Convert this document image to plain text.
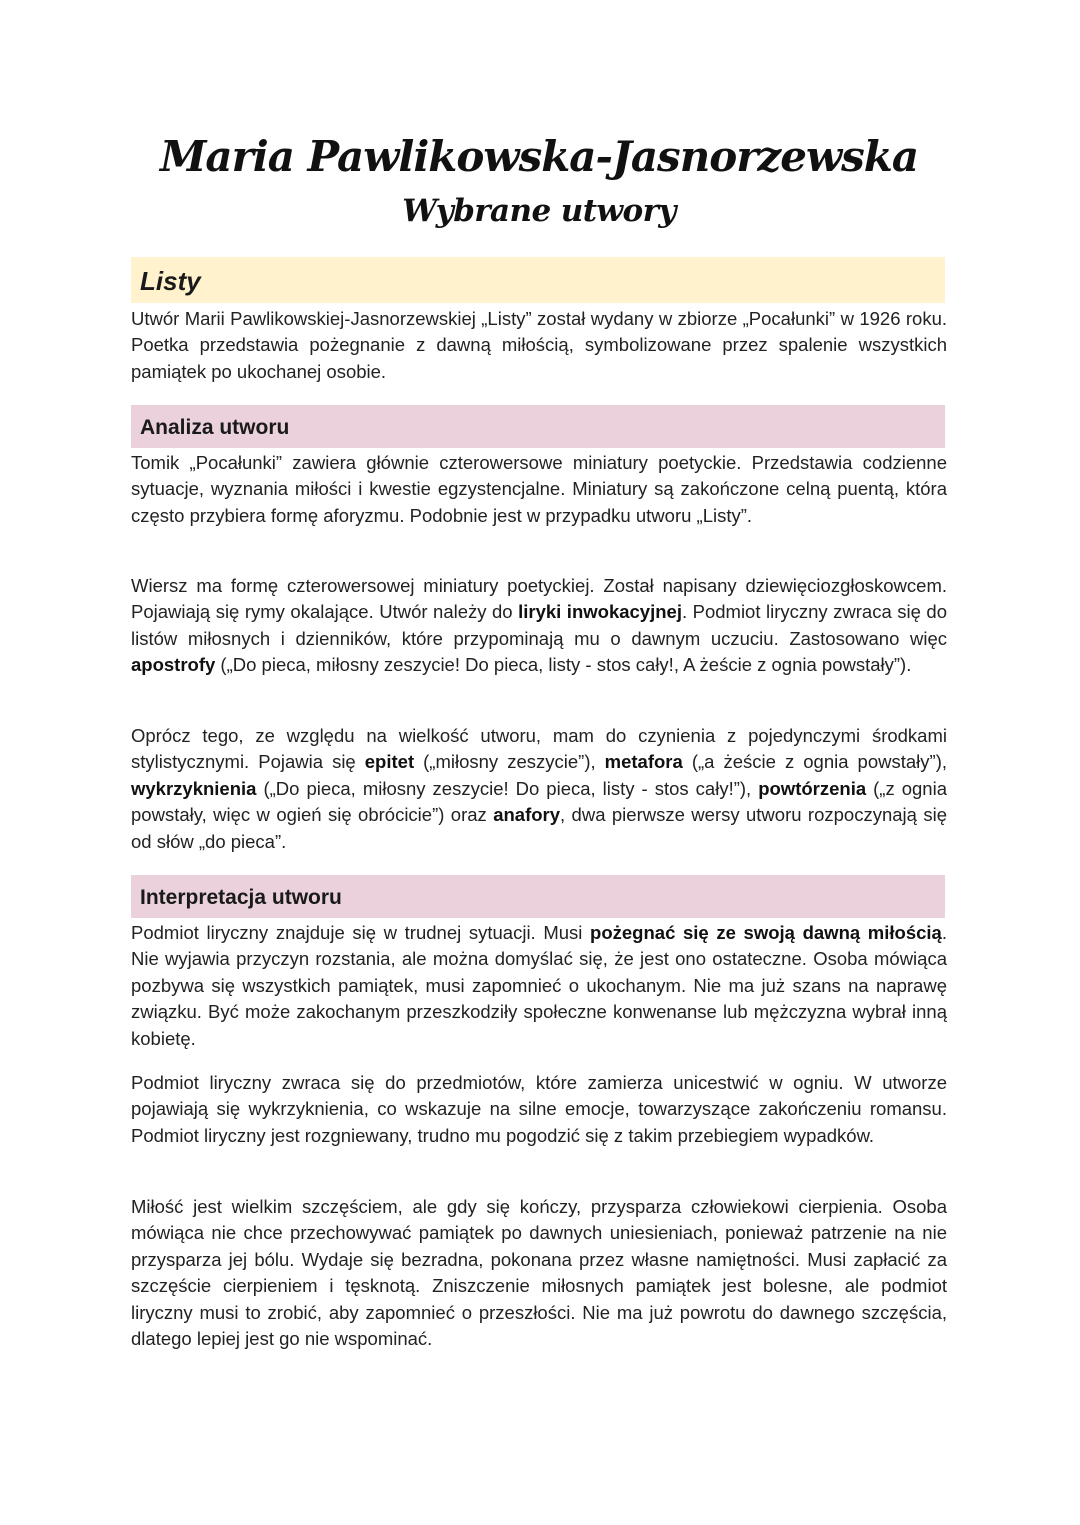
Maria Pawlikowska-Jasnorzewska
Wybrane utwory
Listy

Utwór Marii Pawlikowskiej-Jasnorzewskiej „Listy” został wydany w zbiorze „Pocałunki” w 1926 roku. Poetka przedstawia pożegnanie z dawną miłością, symbolizowane przez spalenie wszystkich pamiątek po ukochanej osobie.

Analiza utworu

Tomik „Pocałunki” zawiera głównie czterowersowe miniatury poetyckie. Przedstawia codzienne sytuacje, wyznania miłości i kwestie egzystencjalne. Miniatury są zakończone celną puentą, która często przybiera formę aforyzmu. Podobnie jest w przypadku utworu „Listy”.

Wiersz ma formę czterowersowej miniatury poetyckiej. Został napisany dziewięciozgłoskowcem. Pojawiają się rymy okalające. Utwór należy do liryki inwokacyjnej. Podmiot liryczny zwraca się do listów miłosnych i dzienników, które przypominają mu o dawnym uczuciu. Zastosowano więc apostrofy („Do pieca, miłosny zeszycie! Do pieca, listy - stos cały!, A żeście z ognia powstały”).

Oprócz tego, ze względu na wielkość utworu, mam do czynienia z pojedynczymi środkami stylistycznymi. Pojawia się epitet („miłosny zeszycie”), metafora („a żeście z ognia powstały”), wykrzyknienia („Do pieca, miłosny zeszycie! Do pieca, listy - stos cały!”), powtórzenia („z ognia powstały, więc w ogień się obrócicie”) oraz anafory, dwa pierwsze wersy utworu rozpoczynają się od słów „do pieca”.

Interpretacja utworu

Podmiot liryczny znajduje się w trudnej sytuacji. Musi pożegnać się ze swoją dawną miłością. Nie wyjawia przyczyn rozstania, ale można domyślać się, że jest ono ostateczne. Osoba mówiąca pozbywa się wszystkich pamiątek, musi zapomnieć o ukochanym. Nie ma już szans na naprawę związku. Być może zakochanym przeszkodziły społeczne konwenanse lub mężczyzna wybrał inną kobietę.

Podmiot liryczny zwraca się do przedmiotów, które zamierza unicestwić w ogniu. W utworze pojawiają się wykrzyknienia, co wskazuje na silne emocje, towarzyszące zakończeniu romansu. Podmiot liryczny jest rozgniewany, trudno mu pogodzić się z takim przebiegiem wypadków.

Miłość jest wielkim szczęściem, ale gdy się kończy, przysparza człowiekowi cierpienia. Osoba mówiąca nie chce przechowywać pamiątek po dawnych uniesieniach, ponieważ patrzenie na nie przysparza jej bólu. Wydaje się bezradna, pokonana przez własne namiętności. Musi zapłacić za szczęście cierpieniem i tęsknotą. Zniszczenie miłosnych pamiątek jest bolesne, ale podmiot liryczny musi to zrobić, aby zapomnieć o przeszłości. Nie ma już powrotu do dawnego szczęścia, dlatego lepiej jest go nie wspominać.
